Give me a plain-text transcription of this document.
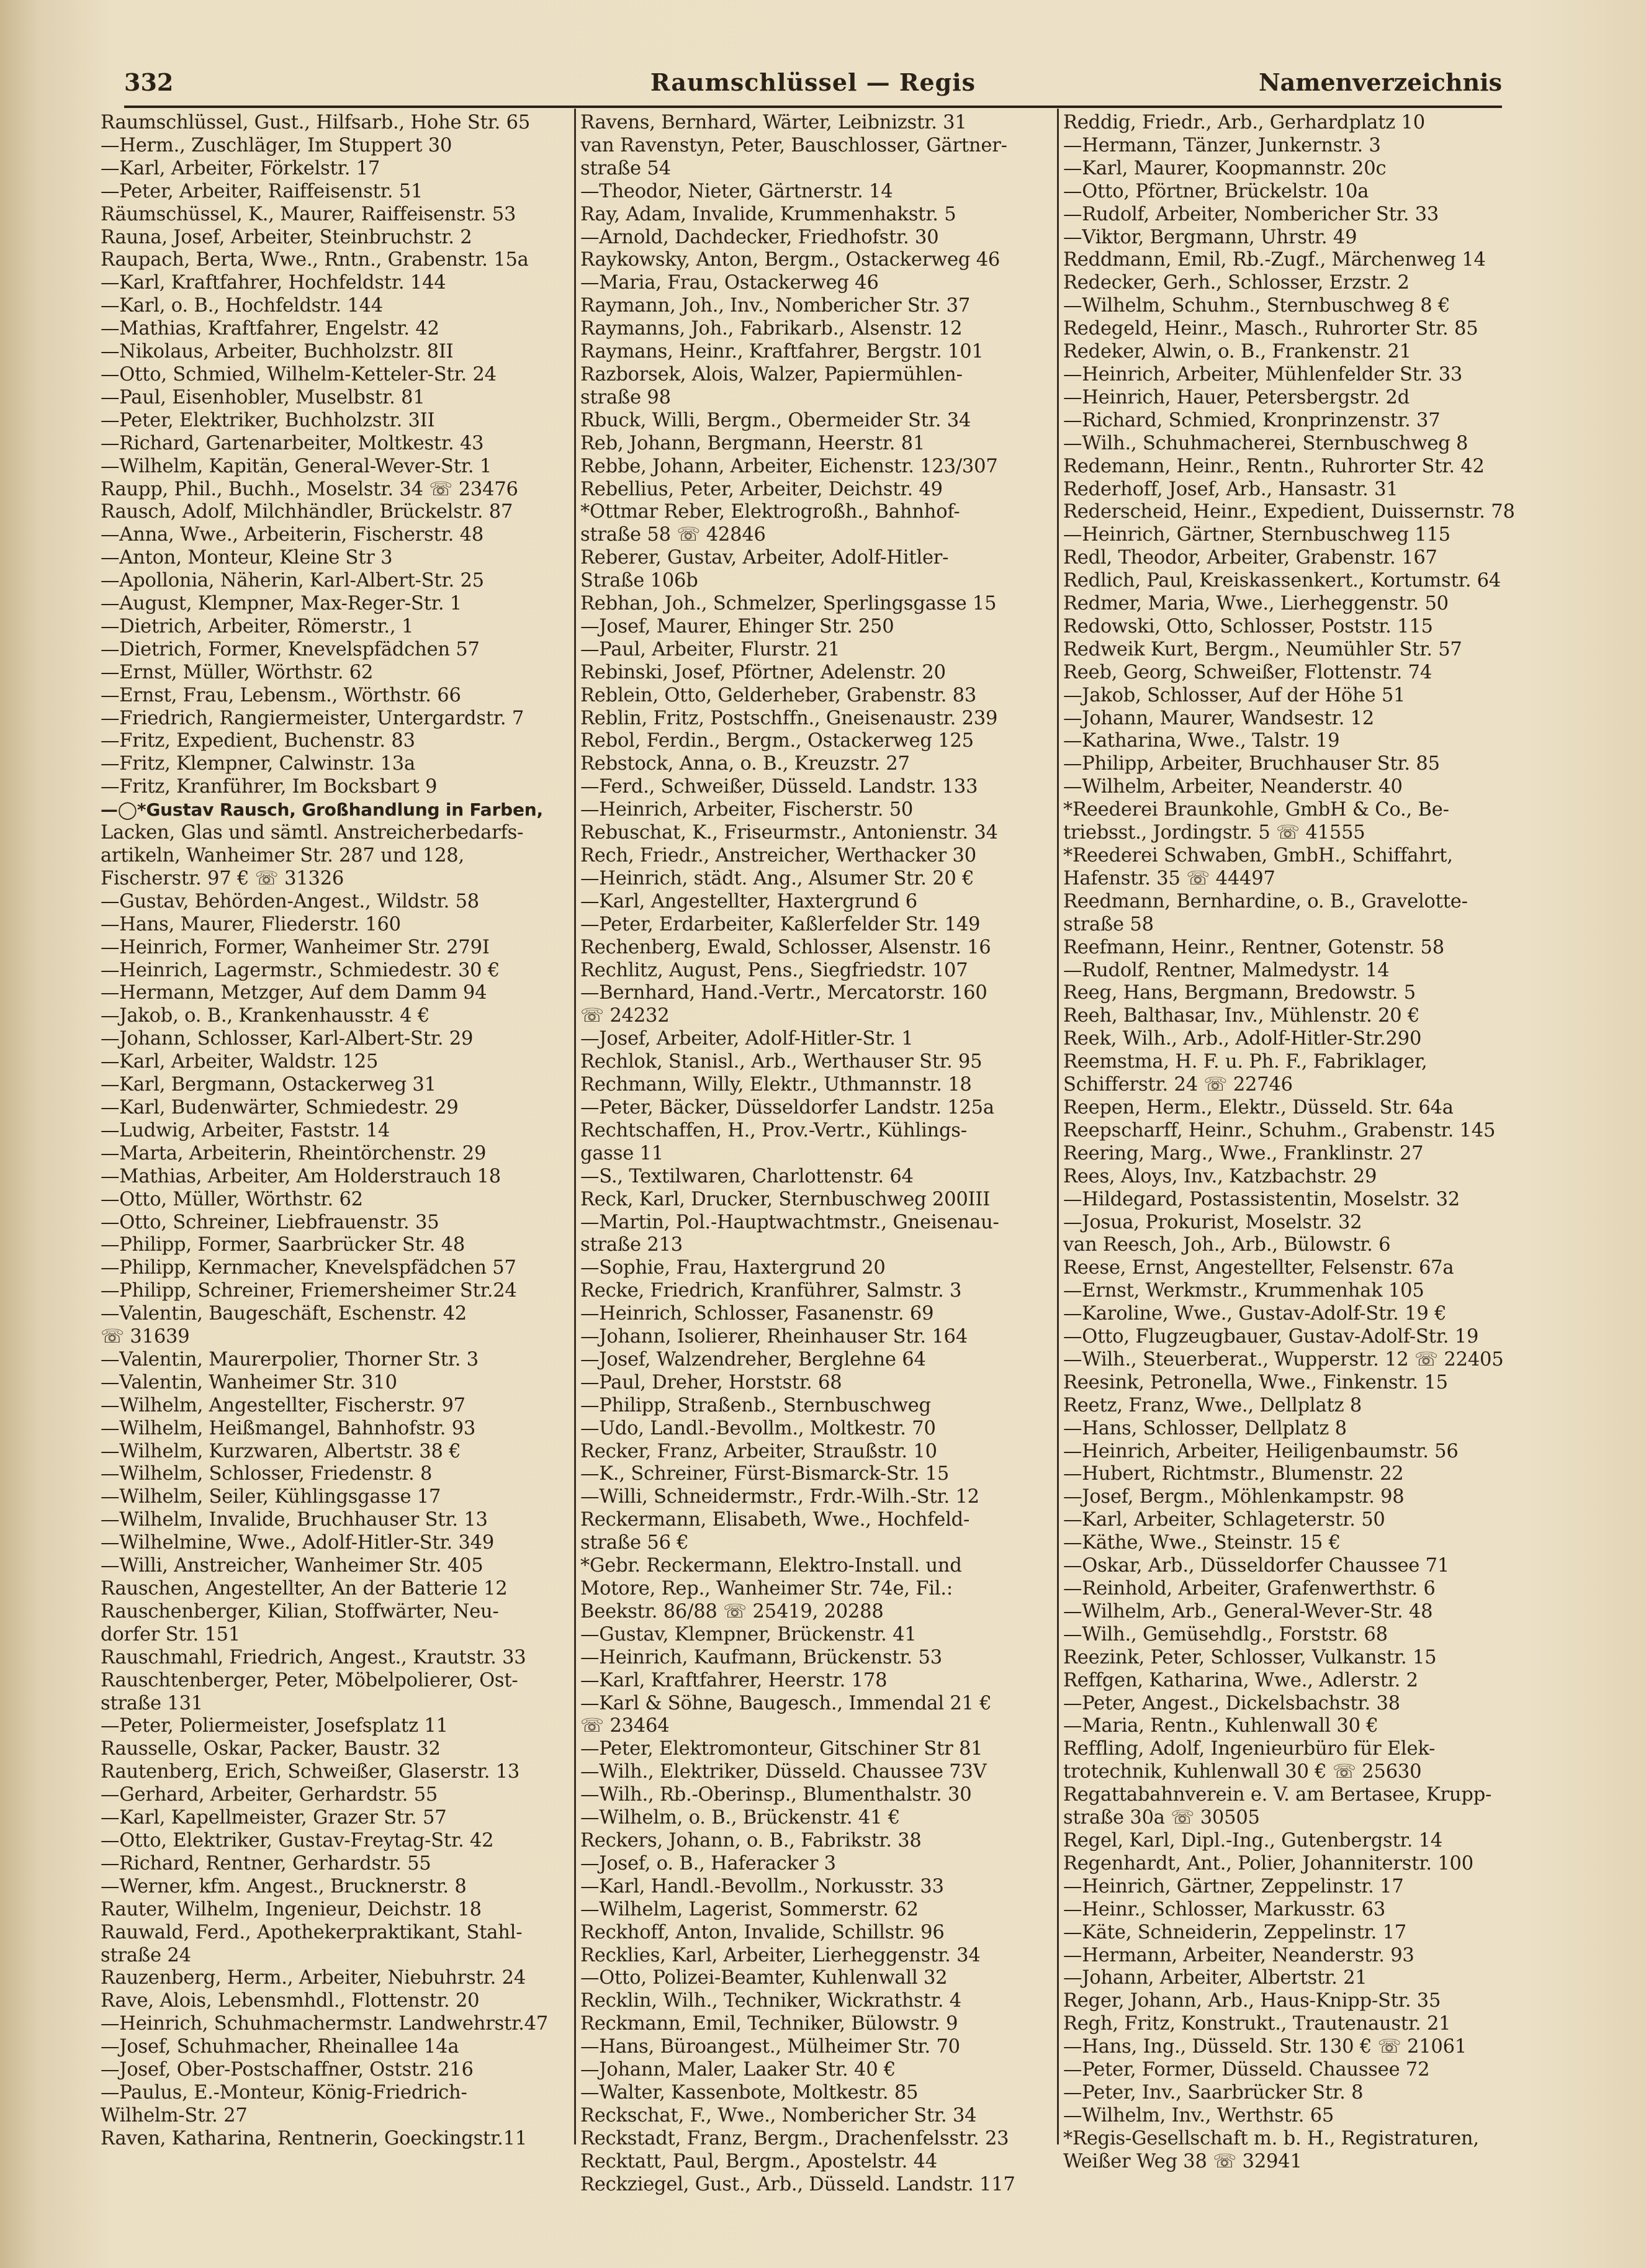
332	Raumschlüssel — Regis	Namenverzeichnis
Raumschlüssel, Gust., Hilfsarb., Hohe Str. 65
—Herm., Zuschläger, Im Stuppert 30
—Karl, Arbeiter, Förkelstr. 17
—Peter, Arbeiter, Raiffeisenstr. 51
Räumschüssel, K., Maurer, Raiffeisenstr. 53
Rauna, Josef, Arbeiter, Steinbruchstr. 2
Raupach, Berta, Wwe., Rntn., Grabenstr. 15a
—Karl, Kraftfahrer, Hochfeldstr. 144
—Karl, o. B., Hochfeldstr. 144
—Mathias, Kraftfahrer, Engelstr. 42
—Nikolaus, Arbeiter, Buchholzstr. 8II
—Otto, Schmied, Wilhelm-Ketteler-Str. 24
—Paul, Eisenhobler, Muselbstr. 81
—Peter, Elektriker, Buchholzstr. 3II
—Richard, Gartenarbeiter, Moltkestr. 43
—Wilhelm, Kapitän, General-Wever-Str. 1
Raupp, Phil., Buchh., Moselstr. 34 ☏ 23476
Rausch, Adolf, Milchhändler, Brückelstr. 87
—Anna, Wwe., Arbeiterin, Fischerstr. 48
—Anton, Monteur, Kleine Str 3
—Apollonia, Näherin, Karl-Albert-Str. 25
—August, Klempner, Max-Reger-Str. 1
—Dietrich, Arbeiter, Römerstr., 1
—Dietrich, Former, Knevelspfädchen 57
—Ernst, Müller, Wörthstr. 62
—Ernst, Frau, Lebensm., Wörthstr. 66
—Friedrich, Rangiermeister, Untergardstr. 7
—Fritz, Expedient, Buchenstr. 83
—Fritz, Klempner, Calwinstr. 13a
—Fritz, Kranführer, Im Bocksbart 9
—◯*Gustav Rausch, Großhandlung in Farben,
Lacken, Glas und sämtl. Anstreicherbedarfs-
artikeln, Wanheimer Str. 287 und 128,
Fischerstr. 97 € ☏ 31326
—Gustav, Behörden-Angest., Wildstr. 58
—Hans, Maurer, Fliederstr. 160
—Heinrich, Former, Wanheimer Str. 279I
—Heinrich, Lagermstr., Schmiedestr. 30 €
—Hermann, Metzger, Auf dem Damm 94
—Jakob, o. B., Krankenhausstr. 4 €
—Johann, Schlosser, Karl-Albert-Str. 29
—Karl, Arbeiter, Waldstr. 125
—Karl, Bergmann, Ostackerweg 31
—Karl, Budenwärter, Schmiedestr. 29
—Ludwig, Arbeiter, Faststr. 14
—Marta, Arbeiterin, Rheintörchenstr. 29
—Mathias, Arbeiter, Am Holderstrauch 18
—Otto, Müller, Wörthstr. 62
—Otto, Schreiner, Liebfrauenstr. 35
—Philipp, Former, Saarbrücker Str. 48
—Philipp, Kernmacher, Knevelspfädchen 57
—Philipp, Schreiner, Friemersheimer Str.24
—Valentin, Baugeschäft, Eschenstr. 42
☏ 31639
—Valentin, Maurerpolier, Thorner Str. 3
—Valentin, Wanheimer Str. 310
—Wilhelm, Angestellter, Fischerstr. 97
—Wilhelm, Heißmangel, Bahnhofstr. 93
—Wilhelm, Kurzwaren, Albertstr. 38 €
—Wilhelm, Schlosser, Friedenstr. 8
—Wilhelm, Seiler, Kühlingsgasse 17
—Wilhelm, Invalide, Bruchhauser Str. 13
—Wilhelmine, Wwe., Adolf-Hitler-Str. 349
—Willi, Anstreicher, Wanheimer Str. 405
Rauschen, Angestellter, An der Batterie 12
Rauschenberger, Kilian, Stoffwärter, Neu-
dorfer Str. 151
Rauschmahl, Friedrich, Angest., Krautstr. 33
Rauschtenberger, Peter, Möbelpolierer, Ost-
straße 131
—Peter, Poliermeister, Josefsplatz 11
Rausselle, Oskar, Packer, Baustr. 32
Rautenberg, Erich, Schweißer, Glaserstr. 13
—Gerhard, Arbeiter, Gerhardstr. 55
—Karl, Kapellmeister, Grazer Str. 57
—Otto, Elektriker, Gustav-Freytag-Str. 42
—Richard, Rentner, Gerhardstr. 55
—Werner, kfm. Angest., Brucknerstr. 8
Rauter, Wilhelm, Ingenieur, Deichstr. 18
Rauwald, Ferd., Apothekerpraktikant, Stahl-
straße 24
Rauzenberg, Herm., Arbeiter, Niebuhrstr. 24
Rave, Alois, Lebensmhdl., Flottenstr. 20
—Heinrich, Schuhmachermstr. Landwehrstr.47
—Josef, Schuhmacher, Rheinallee 14a
—Josef, Ober-Postschaffner, Oststr. 216
—Paulus, E.-Monteur, König-Friedrich-
Wilhelm-Str. 27
Raven, Katharina, Rentnerin, Goeckingstr.11
Ravens, Bernhard, Wärter, Leibnizstr. 31
van Ravenstyn, Peter, Bauschlosser, Gärtner-
straße 54
—Theodor, Nieter, Gärtnerstr. 14
Ray, Adam, Invalide, Krummenhakstr. 5
—Arnold, Dachdecker, Friedhofstr. 30
Raykowsky, Anton, Bergm., Ostackerweg 46
—Maria, Frau, Ostackerweg 46
Raymann, Joh., Inv., Nombericher Str. 37
Raymanns, Joh., Fabrikarb., Alsenstr. 12
Raymans, Heinr., Kraftfahrer, Bergstr. 101
Razborsek, Alois, Walzer, Papiermühlen-
straße 98
Rbuck, Willi, Bergm., Obermeider Str. 34
Reb, Johann, Bergmann, Heerstr. 81
Rebbe, Johann, Arbeiter, Eichenstr. 123/307
Rebellius, Peter, Arbeiter, Deichstr. 49
*Ottmar Reber, Elektrogroßh., Bahnhof-
straße 58 ☏ 42846
Reberer, Gustav, Arbeiter, Adolf-Hitler-
Straße 106b
Rebhan, Joh., Schmelzer, Sperlingsgasse 15
—Josef, Maurer, Ehinger Str. 250
—Paul, Arbeiter, Flurstr. 21
Rebinski, Josef, Pförtner, Adelenstr. 20
Reblein, Otto, Gelderheber, Grabenstr. 83
Reblin, Fritz, Postschffn., Gneisenaustr. 239
Rebol, Ferdin., Bergm., Ostackerweg 125
Rebstock, Anna, o. B., Kreuzstr. 27
—Ferd., Schweißer, Düsseld. Landstr. 133
—Heinrich, Arbeiter, Fischerstr. 50
Rebuschat, K., Friseurmstr., Antonienstr. 34
Rech, Friedr., Anstreicher, Werthacker 30
—Heinrich, städt. Ang., Alsumer Str. 20 €
—Karl, Angestellter, Haxtergrund 6
—Peter, Erdarbeiter, Kaßlerfelder Str. 149
Rechenberg, Ewald, Schlosser, Alsenstr. 16
Rechlitz, August, Pens., Siegfriedstr. 107
—Bernhard, Hand.-Vertr., Mercatorstr. 160
☏ 24232
—Josef, Arbeiter, Adolf-Hitler-Str. 1
Rechlok, Stanisl., Arb., Werthauser Str. 95
Rechmann, Willy, Elektr., Uthmannstr. 18
—Peter, Bäcker, Düsseldorfer Landstr. 125a
Rechtschaffen, H., Prov.-Vertr., Kühlings-
gasse 11
—S., Textilwaren, Charlottenstr. 64
Reck, Karl, Drucker, Sternbuschweg 200III
—Martin, Pol.-Hauptwachtmstr., Gneisenau-
straße 213
—Sophie, Frau, Haxtergrund 20
Recke, Friedrich, Kranführer, Salmstr. 3
—Heinrich, Schlosser, Fasanenstr. 69
—Johann, Isolierer, Rheinhauser Str. 164
—Josef, Walzendreher, Berglehne 64
—Paul, Dreher, Horststr. 68
—Philipp, Straßenb., Sternbuschweg
—Udo, Landl.-Bevollm., Moltkestr. 70
Recker, Franz, Arbeiter, Straußstr. 10
—K., Schreiner, Fürst-Bismarck-Str. 15
—Willi, Schneidermstr., Frdr.-Wilh.-Str. 12
Reckermann, Elisabeth, Wwe., Hochfeld-
straße 56 €
*Gebr. Reckermann, Elektro-Install. und
Motore, Rep., Wanheimer Str. 74e, Fil.:
Beekstr. 86/88 ☏ 25419, 20288
—Gustav, Klempner, Brückenstr. 41
—Heinrich, Kaufmann, Brückenstr. 53
—Karl, Kraftfahrer, Heerstr. 178
—Karl & Söhne, Baugesch., Immendal 21 €
☏ 23464
—Peter, Elektromonteur, Gitschiner Str 81
—Wilh., Elektriker, Düsseld. Chaussee 73V
—Wilh., Rb.-Oberinsp., Blumenthalstr. 30
—Wilhelm, o. B., Brückenstr. 41 €
Reckers, Johann, o. B., Fabrikstr. 38
—Josef, o. B., Haferacker 3
—Karl, Handl.-Bevollm., Norkusstr. 33
—Wilhelm, Lagerist, Sommerstr. 62
Reckhoff, Anton, Invalide, Schillstr. 96
Recklies, Karl, Arbeiter, Lierheggenstr. 34
—Otto, Polizei-Beamter, Kuhlenwall 32
Recklin, Wilh., Techniker, Wickrathstr. 4
Reckmann, Emil, Techniker, Bülowstr. 9
—Hans, Büroangest., Mülheimer Str. 70
—Johann, Maler, Laaker Str. 40 €
—Walter, Kassenbote, Moltkestr. 85
Reckschat, F., Wwe., Nombericher Str. 34
Reckstadt, Franz, Bergm., Drachenfelsstr. 23
Recktatt, Paul, Bergm., Apostelstr. 44
Reckziegel, Gust., Arb., Düsseld. Landstr. 117
Reddig, Friedr., Arb., Gerhardplatz 10
—Hermann, Tänzer, Junkernstr. 3
—Karl, Maurer, Koopmannstr. 20c
—Otto, Pförtner, Brückelstr. 10a
—Rudolf, Arbeiter, Nombericher Str. 33
—Viktor, Bergmann, Uhrstr. 49
Reddmann, Emil, Rb.-Zugf., Märchenweg 14
Redecker, Gerh., Schlosser, Erzstr. 2
—Wilhelm, Schuhm., Sternbuschweg 8 €
Redegeld, Heinr., Masch., Ruhrorter Str. 85
Redeker, Alwin, o. B., Frankenstr. 21
—Heinrich, Arbeiter, Mühlenfelder Str. 33
—Heinrich, Hauer, Petersbergstr. 2d
—Richard, Schmied, Kronprinzenstr. 37
—Wilh., Schuhmacherei, Sternbuschweg 8
Redemann, Heinr., Rentn., Ruhrorter Str. 42
Rederhoff, Josef, Arb., Hansastr. 31
Rederscheid, Heinr., Expedient, Duissernstr. 78
—Heinrich, Gärtner, Sternbuschweg 115
Redl, Theodor, Arbeiter, Grabenstr. 167
Redlich, Paul, Kreiskassenkert., Kortumstr. 64
Redmer, Maria, Wwe., Lierheggenstr. 50
Redowski, Otto, Schlosser, Poststr. 115
Redweik Kurt, Bergm., Neumühler Str. 57
Reeb, Georg, Schweißer, Flottenstr. 74
—Jakob, Schlosser, Auf der Höhe 51
—Johann, Maurer, Wandsestr. 12
—Katharina, Wwe., Talstr. 19
—Philipp, Arbeiter, Bruchhauser Str. 85
—Wilhelm, Arbeiter, Neanderstr. 40
*Reederei Braunkohle, GmbH & Co., Be-
triebsst., Jordingstr. 5 ☏ 41555
*Reederei Schwaben, GmbH., Schiffahrt,
Hafenstr. 35 ☏ 44497
Reedmann, Bernhardine, o. B., Gravelotte-
straße 58
Reefmann, Heinr., Rentner, Gotenstr. 58
—Rudolf, Rentner, Malmedystr. 14
Reeg, Hans, Bergmann, Bredowstr. 5
Reeh, Balthasar, Inv., Mühlenstr. 20 €
Reek, Wilh., Arb., Adolf-Hitler-Str.290
Reemstma, H. F. u. Ph. F., Fabriklager,
Schifferstr. 24 ☏ 22746
Reepen, Herm., Elektr., Düsseld. Str. 64a
Reepscharff, Heinr., Schuhm., Grabenstr. 145
Reering, Marg., Wwe., Franklinstr. 27
Rees, Aloys, Inv., Katzbachstr. 29
—Hildegard, Postassistentin, Moselstr. 32
—Josua, Prokurist, Moselstr. 32
van Reesch, Joh., Arb., Bülowstr. 6
Reese, Ernst, Angestellter, Felsenstr. 67a
—Ernst, Werkmstr., Krummenhak 105
—Karoline, Wwe., Gustav-Adolf-Str. 19 €
—Otto, Flugzeugbauer, Gustav-Adolf-Str. 19
—Wilh., Steuerberat., Wupperstr. 12 ☏ 22405
Reesink, Petronella, Wwe., Finkenstr. 15
Reetz, Franz, Wwe., Dellplatz 8
—Hans, Schlosser, Dellplatz 8
—Heinrich, Arbeiter, Heiligenbaumstr. 56
—Hubert, Richtmstr., Blumenstr. 22
—Josef, Bergm., Möhlenkampstr. 98
—Karl, Arbeiter, Schlageterstr. 50
—Käthe, Wwe., Steinstr. 15 €
—Oskar, Arb., Düsseldorfer Chaussee 71
—Reinhold, Arbeiter, Grafenwerthstr. 6
—Wilhelm, Arb., General-Wever-Str. 48
—Wilh., Gemüsehdlg., Forststr. 68
Reezink, Peter, Schlosser, Vulkanstr. 15
Reffgen, Katharina, Wwe., Adlerstr. 2
—Peter, Angest., Dickelsbachstr. 38
—Maria, Rentn., Kuhlenwall 30 €
Reffling, Adolf, Ingenieurbüro für Elek-
trotechnik, Kuhlenwall 30 € ☏ 25630
Regattabahnverein e. V. am Bertasee, Krupp-
straße 30a ☏ 30505
Regel, Karl, Dipl.-Ing., Gutenbergstr. 14
Regenhardt, Ant., Polier, Johanniterstr. 100
—Heinrich, Gärtner, Zeppelinstr. 17
—Heinr., Schlosser, Markusstr. 63
—Käte, Schneiderin, Zeppelinstr. 17
—Hermann, Arbeiter, Neanderstr. 93
—Johann, Arbeiter, Albertstr. 21
Reger, Johann, Arb., Haus-Knipp-Str. 35
Regh, Fritz, Konstrukt., Trautenaustr. 21
—Hans, Ing., Düsseld. Str. 130 € ☏ 21061
—Peter, Former, Düsseld. Chaussee 72
—Peter, Inv., Saarbrücker Str. 8
—Wilhelm, Inv., Werthstr. 65
*Regis-Gesellschaft m. b. H., Registraturen,
Weißer Weg 38 ☏ 32941
